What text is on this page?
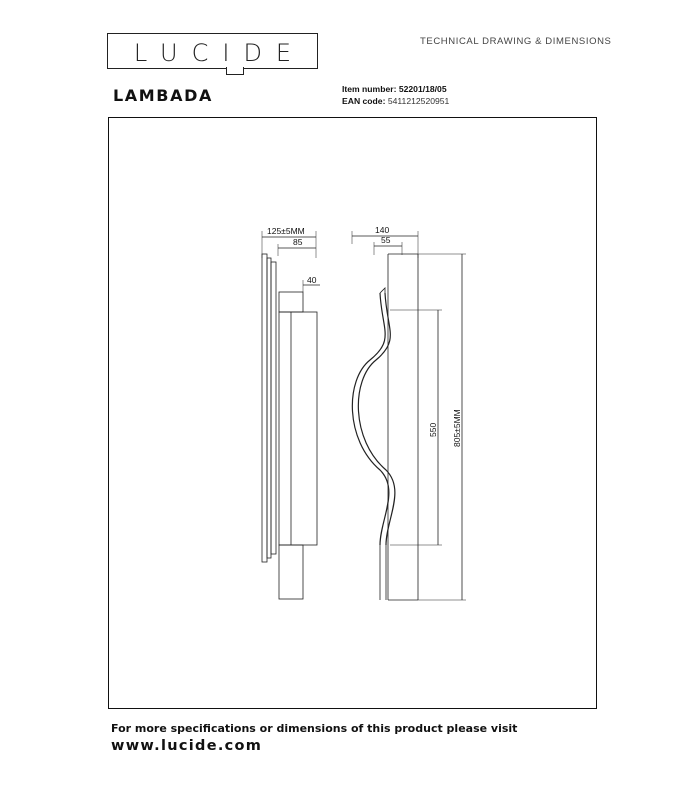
LUCIDE	TECHNICAL DRAWING & DIMENSIONS
LAMBADA	Item number: 52201/18/05
EAN code: 5411212520951
125±5MM
85
40
140
55
550 805±5MM
For more specifications or dimensions of this product please visit
www.lucide.com
